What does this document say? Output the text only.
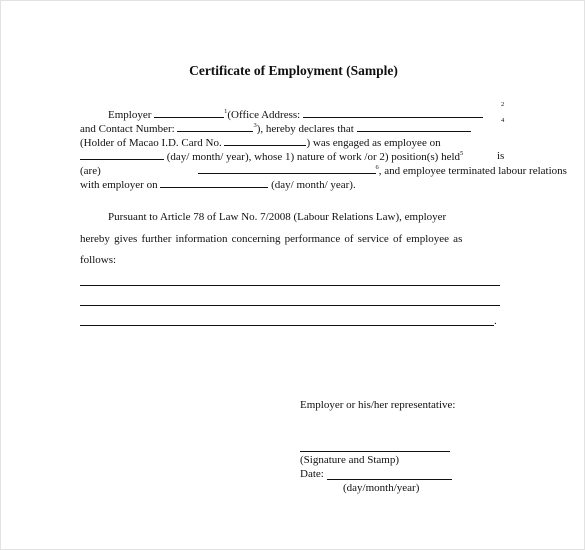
Certificate of Employment (Sample)
Employer	$^1$(Office Address:
$^2$
and Contact Number:	$^3$), hereby declares that
$^4$
(Holder of Macao I.D. Card No.	) was engaged as employee on
(day/ month/ year), whose 1) nature of work /or 2) position(s) held$^5$	is
(are)	$^6$, and employee terminated labour relations
with employer on	(day/ month/ year).
Pursuant to Article 78 of Law No. 7/2008 (Labour Relations Law), employer
hereby gives further information concerning performance of service of employee as
follows:
.
Employer or his/her representative:
(Signature and Stamp)
Date:
(day/month/year)
